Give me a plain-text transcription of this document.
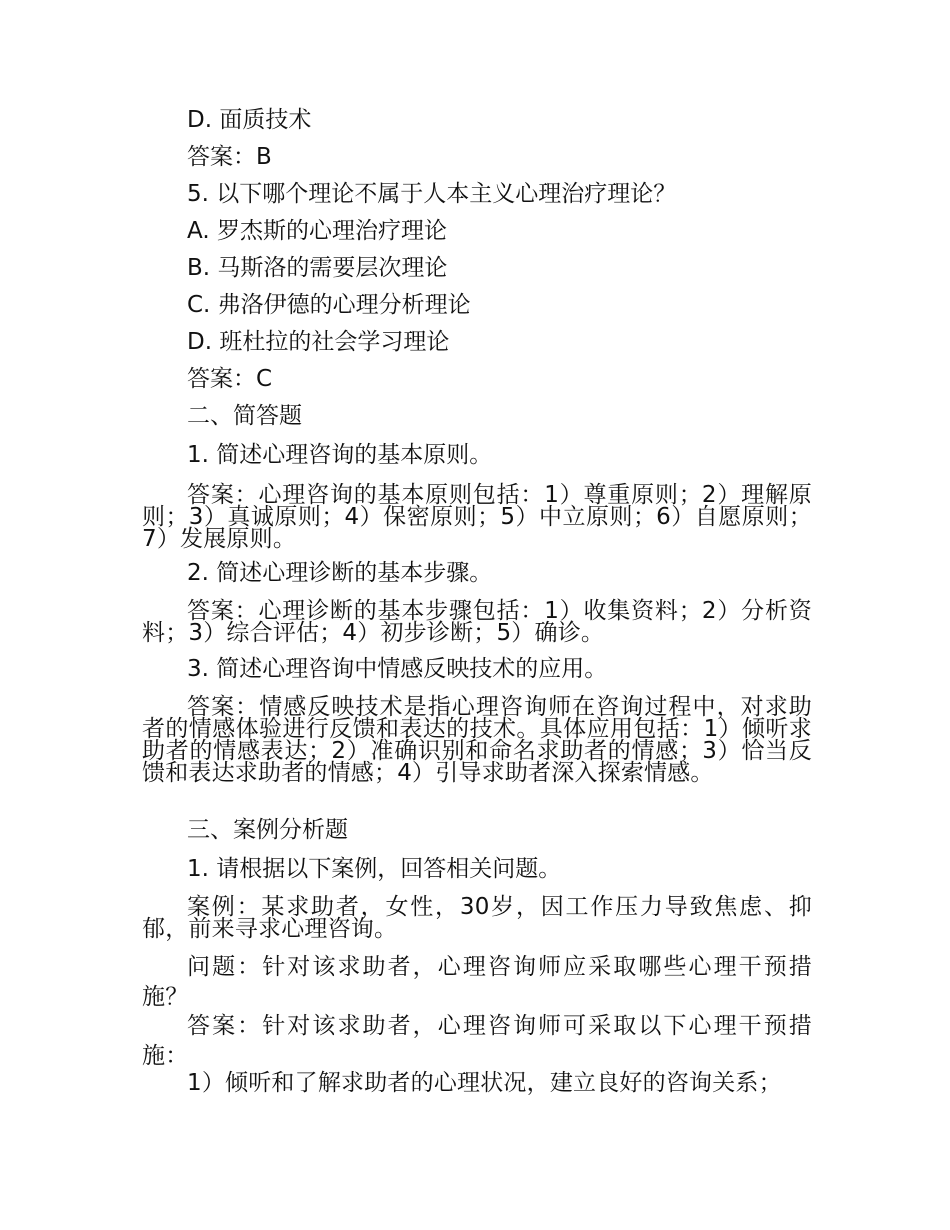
D. 面质技术
答案：B
5. 以下哪个理论不属于人本主义心理治疗理论？
A. 罗杰斯的心理治疗理论
B. 马斯洛的需要层次理论
C. 弗洛伊德的心理分析理论
D. 班杜拉的社会学习理论
答案：C
二、简答题
1. 简述心理咨询的基本原则。
答案：心理咨询的基本原则包括：1）尊重原则；2）理解原则；3）真诚原则；4）保密原则；5）中立原则；6）自愿原则；7）发展原则。
2. 简述心理诊断的基本步骤。
答案：心理诊断的基本步骤包括：1）收集资料；2）分析资料；3）综合评估；4）初步诊断；5）确诊。
3. 简述心理咨询中情感反映技术的应用。
答案：情感反映技术是指心理咨询师在咨询过程中，对求助者的情感体验进行反馈和表达的技术。具体应用包括：1）倾听求助者的情感表达；2）准确识别和命名求助者的情感；3）恰当反馈和表达求助者的情感；4）引导求助者深入探索情感。
三、案例分析题
1. 请根据以下案例，回答相关问题。
案例：某求助者，女性，30岁，因工作压力导致焦虑、抑郁，前来寻求心理咨询。
问题：针对该求助者，心理咨询师应采取哪些心理干预措施？
答案：针对该求助者，心理咨询师可采取以下心理干预措施：
1）倾听和了解求助者的心理状况，建立良好的咨询关系；
